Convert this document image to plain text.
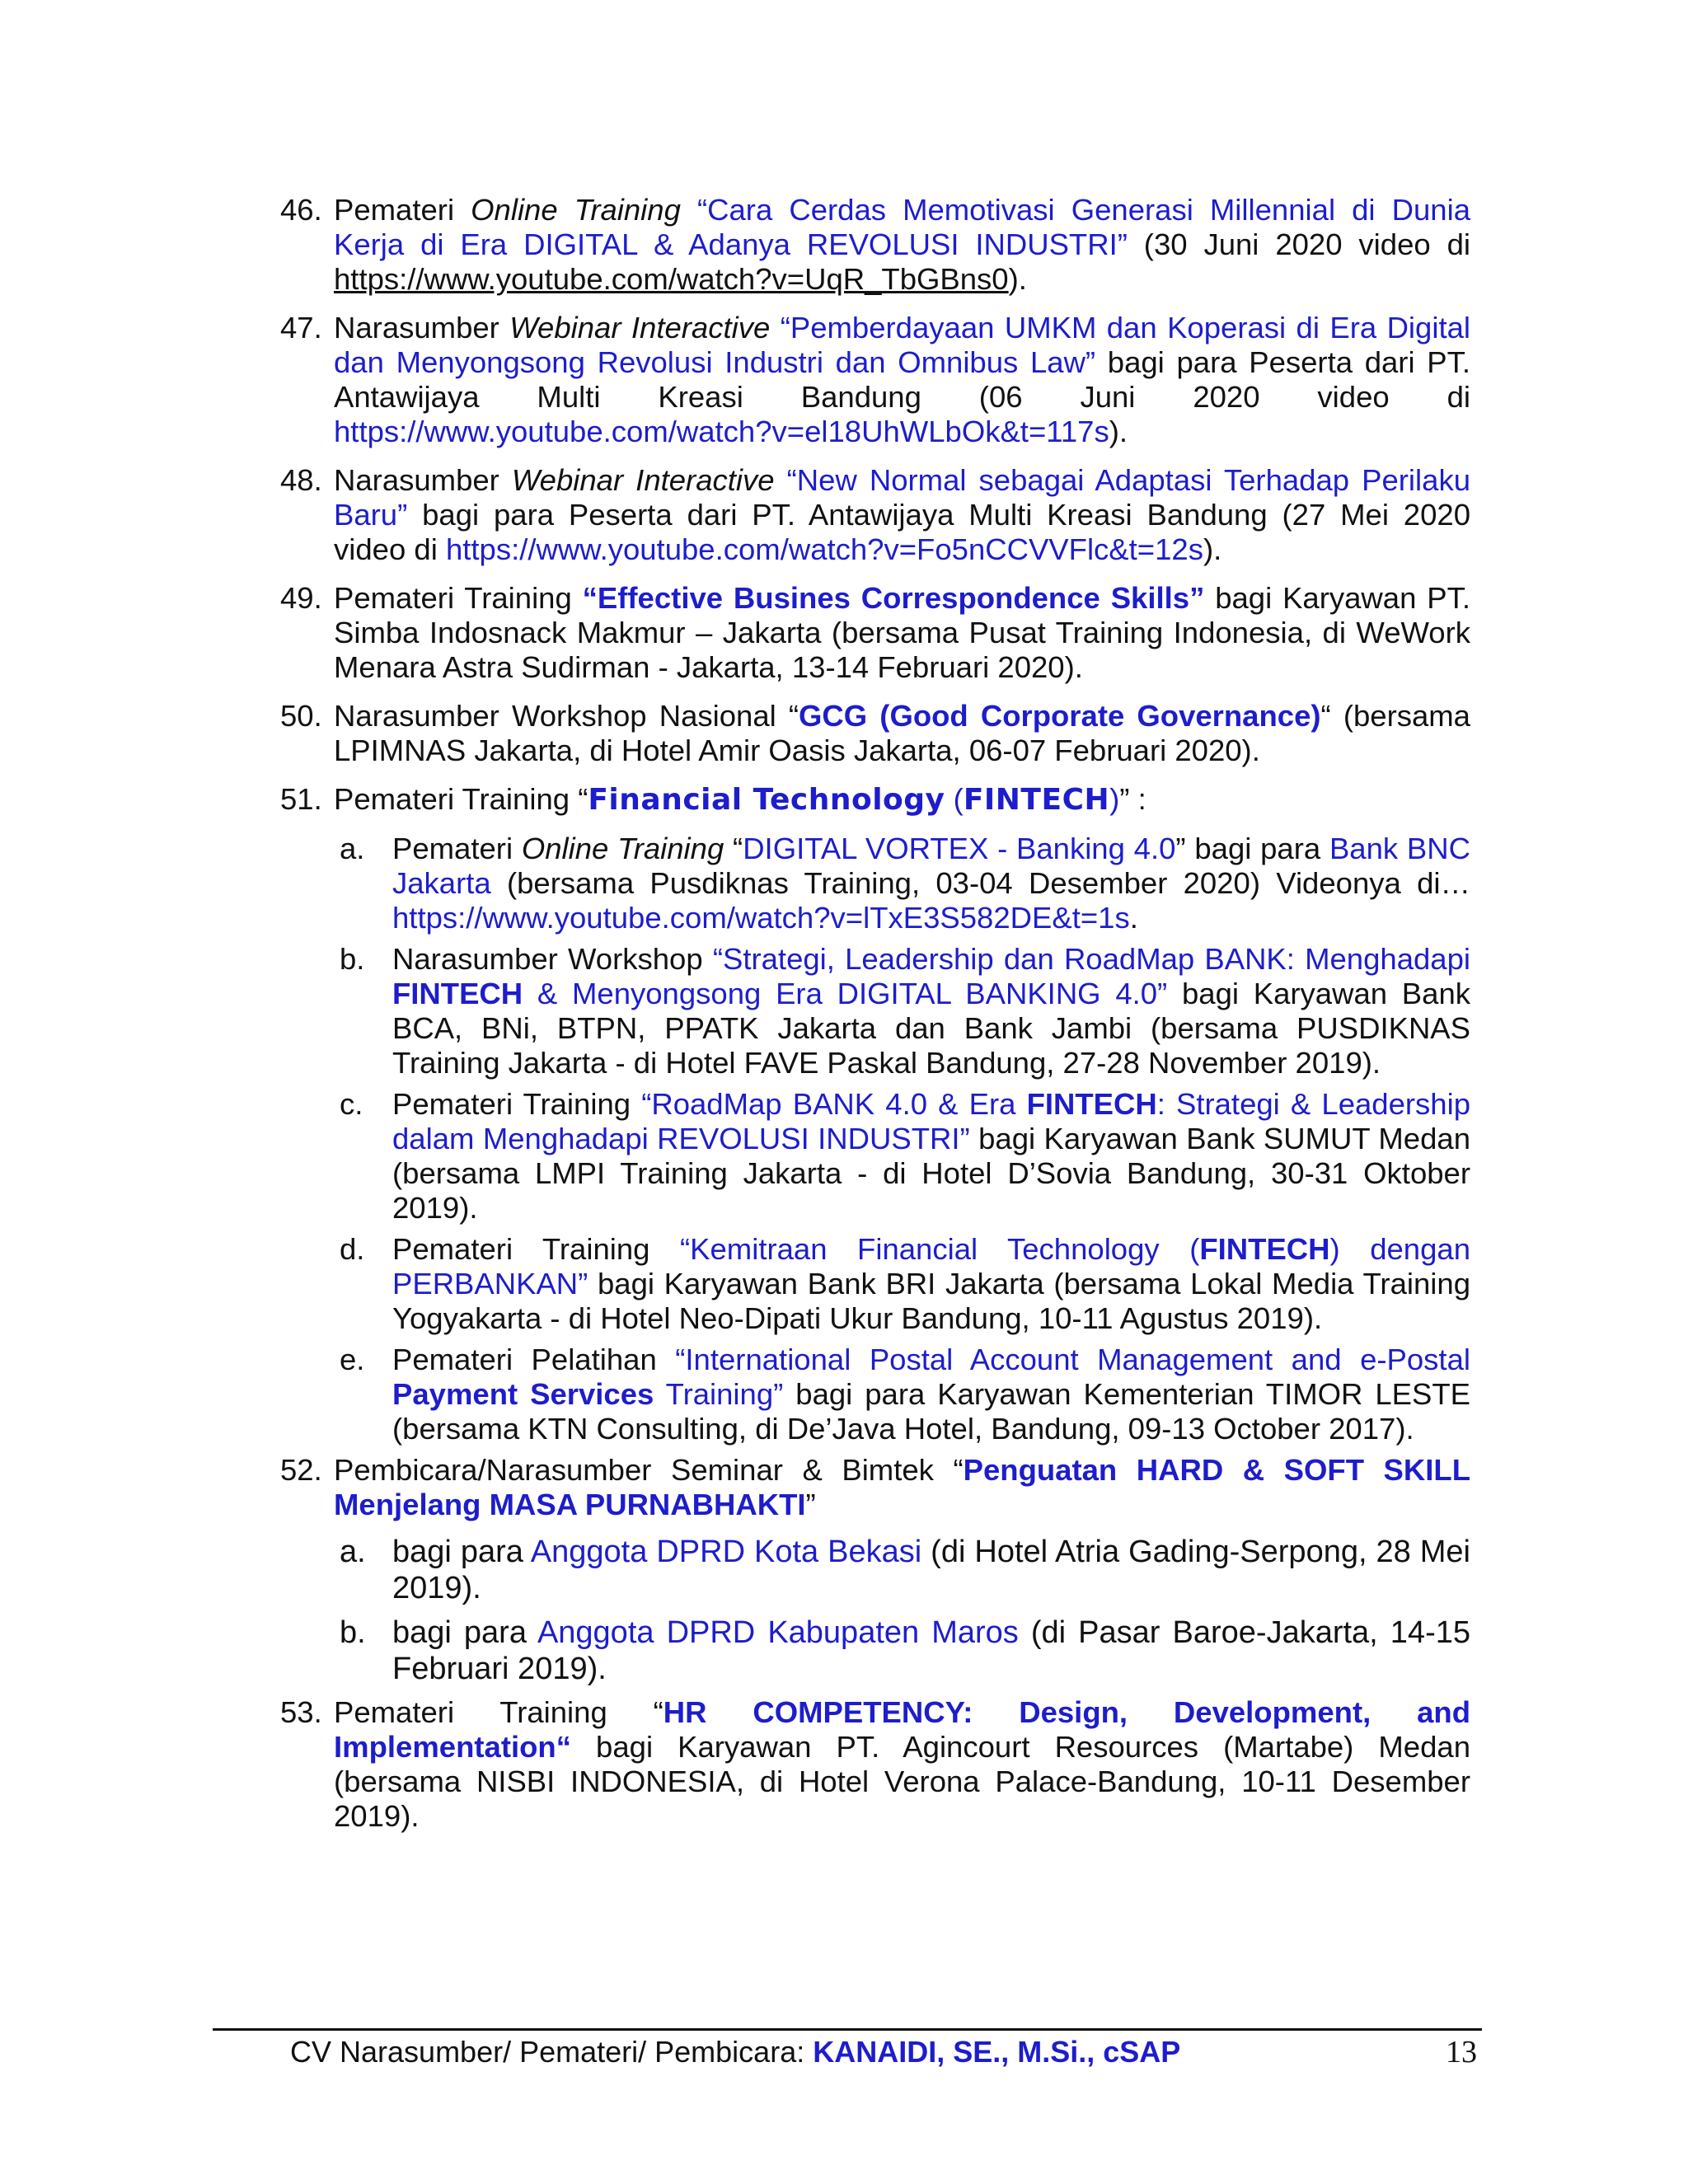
46. Pemateri Online Training “Cara Cerdas Memotivasi Generasi Millennial di Dunia Kerja di Era DIGITAL & Adanya REVOLUSI INDUSTRI” (30 Juni 2020 video di https://www.youtube.com/watch?v=UqR_TbGBns0).
47. Narasumber Webinar Interactive “Pemberdayaan UMKM dan Koperasi di Era Digital dan Menyongsong Revolusi Industri dan Omnibus Law” bagi para Peserta dari PT. Antawijaya Multi Kreasi Bandung (06 Juni 2020 video di https://www.youtube.com/watch?v=el18UhWLbOk&t=117s).
48. Narasumber Webinar Interactive “New Normal sebagai Adaptasi Terhadap Perilaku Baru” bagi para Peserta dari PT. Antawijaya Multi Kreasi Bandung (27 Mei 2020 video di https://www.youtube.com/watch?v=Fo5nCCVVFlc&t=12s).
49. Pemateri Training “Effective Busines Correspondence Skills” bagi Karyawan PT. Simba Indosnack Makmur – Jakarta (bersama Pusat Training Indonesia, di WeWork Menara Astra Sudirman - Jakarta, 13-14 Februari 2020).
50. Narasumber Workshop Nasional “GCG (Good Corporate Governance)“ (bersama LPIMNAS Jakarta, di Hotel Amir Oasis Jakarta, 06-07 Februari 2020).
51. Pemateri Training “Financial Technology (FINTECH)” :
a. Pemateri Online Training “DIGITAL VORTEX - Banking 4.0” bagi para Bank BNC Jakarta (bersama Pusdiknas Training, 03-04 Desember 2020) Videonya di… https://www.youtube.com/watch?v=lTxE3S582DE&t=1s.
b. Narasumber Workshop “Strategi, Leadership dan RoadMap BANK: Menghadapi FINTECH & Menyongsong Era DIGITAL BANKING 4.0” bagi Karyawan Bank BCA, BNi, BTPN, PPATK Jakarta dan Bank Jambi (bersama PUSDIKNAS Training Jakarta - di Hotel FAVE Paskal Bandung, 27-28 November 2019).
c. Pemateri Training “RoadMap BANK 4.0 & Era FINTECH: Strategi & Leadership dalam Menghadapi REVOLUSI INDUSTRI” bagi Karyawan Bank SUMUT Medan (bersama LMPI Training Jakarta - di Hotel D’Sovia Bandung, 30-31 Oktober 2019).
d. Pemateri Training “Kemitraan Financial Technology (FINTECH) dengan PERBANKAN” bagi Karyawan Bank BRI Jakarta (bersama Lokal Media Training Yogyakarta - di Hotel Neo-Dipati Ukur Bandung, 10-11 Agustus 2019).
e. Pemateri Pelatihan “International Postal Account Management and e-Postal Payment Services Training” bagi para Karyawan Kementerian TIMOR LESTE (bersama KTN Consulting, di De’Java Hotel, Bandung, 09-13 October 2017).
52. Pembicara/Narasumber Seminar & Bimtek “Penguatan HARD & SOFT SKILL Menjelang MASA PURNABHAKTI”
a. bagi para Anggota DPRD Kota Bekasi (di Hotel Atria Gading-Serpong, 28 Mei 2019).
b. bagi para Anggota DPRD Kabupaten Maros (di Pasar Baroe-Jakarta, 14-15 Februari 2019).
53. Pemateri Training “HR COMPETENCY: Design, Development, and Implementation“ bagi Karyawan PT. Agincourt Resources (Martabe) Medan (bersama NISBI INDONESIA, di Hotel Verona Palace-Bandung, 10-11 Desember 2019).
CV Narasumber/ Pemateri/ Pembicara: KANAIDI, SE., M.Si., cSAP	13
